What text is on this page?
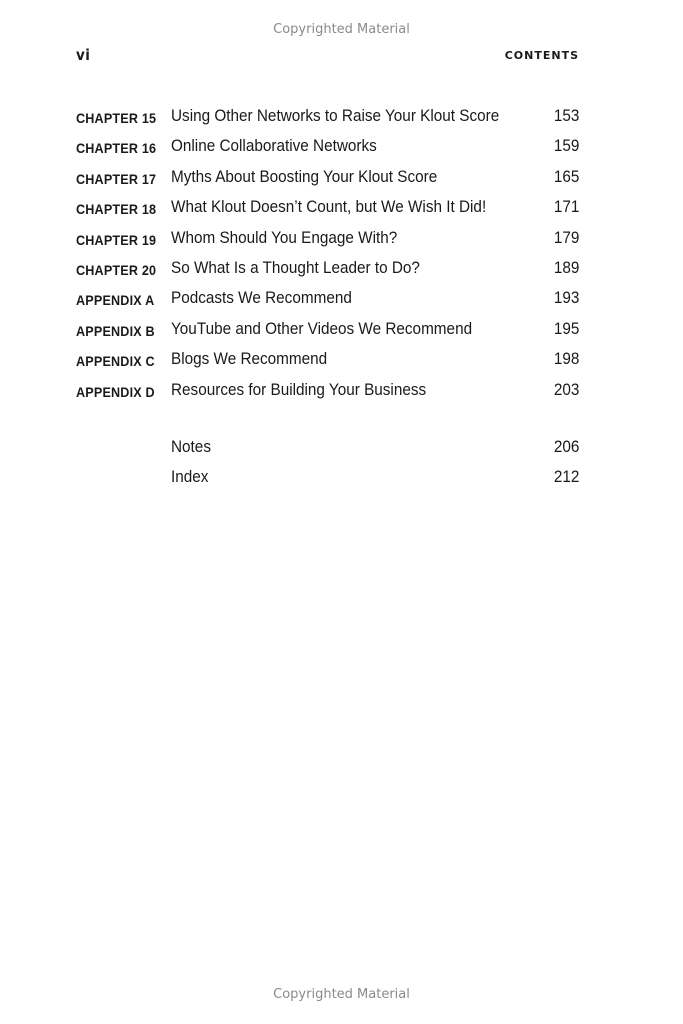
Copyrighted Material
vi	CONTENTS
CHAPTER 15 Using Other Networks to Raise Your Klout Score	153
CHAPTER 16 Online Collaborative Networks	159
CHAPTER 17 Myths About Boosting Your Klout Score	165
CHAPTER 18 What Klout Doesn’t Count, but We Wish It Did!	171
CHAPTER 19 Whom Should You Engage With?	179
CHAPTER 20 So What Is a Thought Leader to Do?	189
APPENDIX A Podcasts We Recommend	193
APPENDIX B YouTube and Other Videos We Recommend	195
APPENDIX C Blogs We Recommend	198
APPENDIX D Resources for Building Your Business	203
Notes	206
Index	212
Copyrighted Material
